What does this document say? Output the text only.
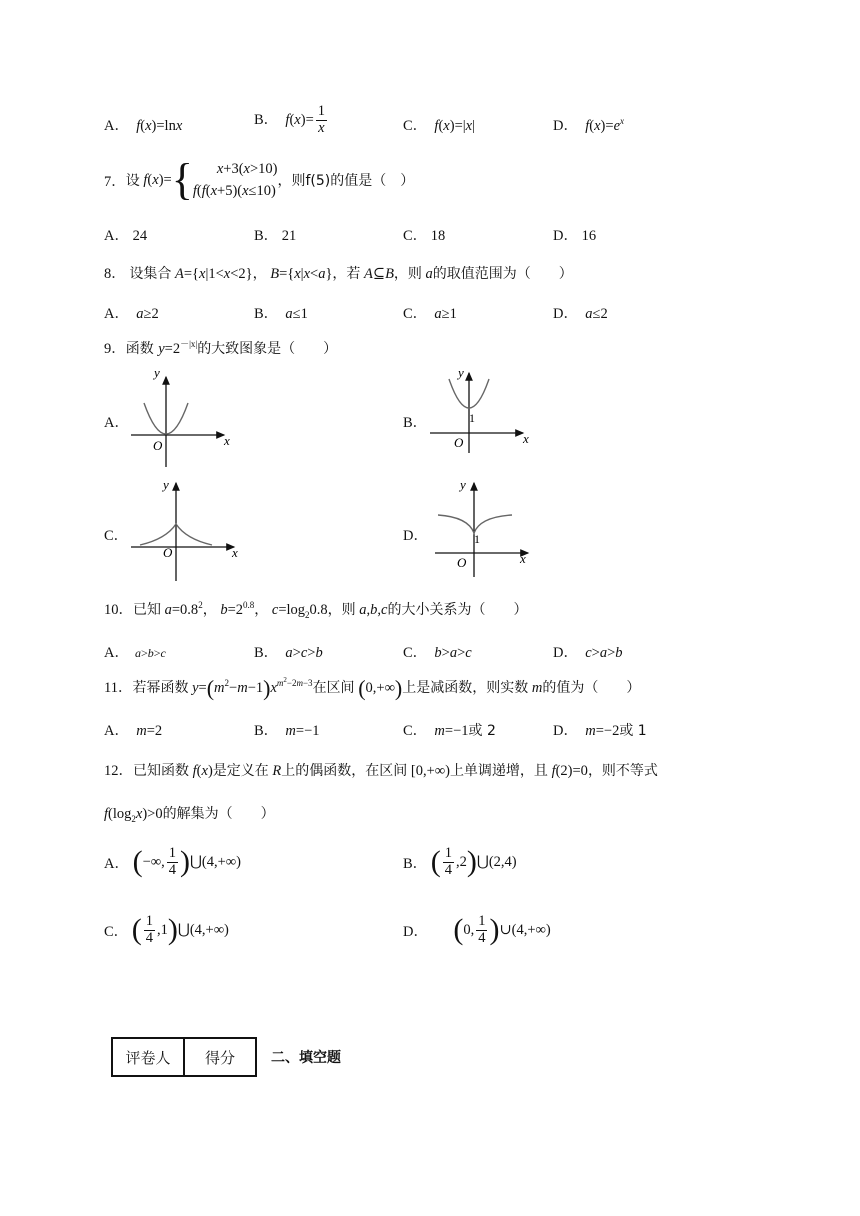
A． f(x)=lnx	B． $f(x)= \frac{1}{x}$	C． f(x)=|x|	D． $f(x)=e^x$
7． 设 f(x)= {	x+3(x>10)
f(f(x+5)(x≤10)
，则f(5)的值是（　）
A． 24	B． 21	C． 18	D． 16
8． 设集合 A={x|1<x<2}， B={x|x<a}，若 A⊆B，则 a的取值范围为（　　）
A．  a≥2	B．  a≤1	C．  a≥1	D．  a≤2
9．函数 $y=2^{-|x|}$的大致图象是（　　）
A．	B．
C．	D．
y
x
O
y
x
O
1
y
x
O
y
x
O
1
10．已知 $a=0.8^2$， $b=2^{0.8}$， $c=\log_20.8$，则 a,b,c的大小关系为（　　）
A． a>b>c	B．  a>c>b	C．  b>a>c	D．  c>a>b
11．若幂函数 $y=(m^2-m-1)x^{m^2-2m-3}$在区间 (0,+∞)上是减函数，则实数 m的值为（　　）
A．  m=2	B．  m=−1	C．  m=−1或 2	D．  m=−2或 1
12．已知函数 f(x)是定义在 R上的偶函数，在区间 [0,+∞)上单调递增，且 f(2)=0，则不等式
$f(\log_2x)>0$的解集为（　　）
A． ( −∞, $\frac{1}{4}$ ) ⋃(4,+∞)	B． ( $\frac{1}{4} ,2$ ) ⋃(2,4)
C． ( $\frac{1}{4} ,1$ ) ⋃(4,+∞)	D． ( 0, $\frac{1}{4}$ ) ∪(4,+∞)
评卷人	得分	二、填空题
